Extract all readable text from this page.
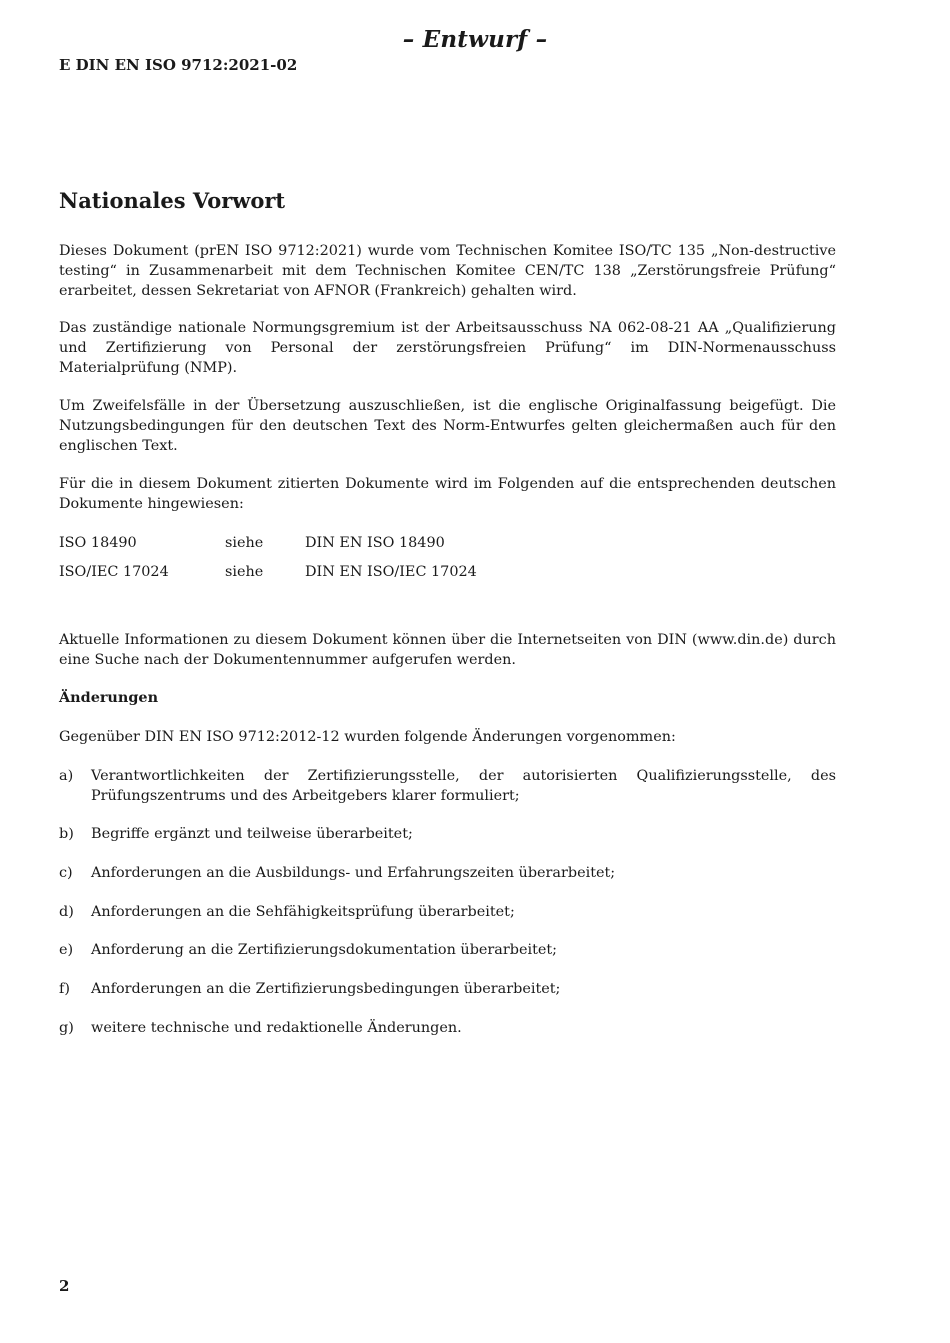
– Entwurf –
E DIN EN ISO 9712:2021-02
Nationales Vorwort
Dieses Dokument (prEN ISO 9712:2021) wurde vom Technischen Komitee ISO/TC 135 „Non-destructive testing“ in Zusammenarbeit mit dem Technischen Komitee CEN/TC 138 „Zerstörungsfreie Prüfung“ erarbeitet, dessen Sekretariat von AFNOR (Frankreich) gehalten wird.
Das zuständige nationale Normungsgremium ist der Arbeitsausschuss NA 062-08-21 AA „Qualifizierung und Zertifizierung von Personal der zerstörungsfreien Prüfung“ im DIN-Normenausschuss Materialprüfung (NMP).
Um Zweifelsfälle in der Übersetzung auszuschließen, ist die englische Originalfassung beigefügt. Die Nutzungsbedingungen für den deutschen Text des Norm-Entwurfes gelten gleichermaßen auch für den englischen Text.
Für die in diesem Dokument zitierten Dokumente wird im Folgenden auf die entsprechenden deutschen Dokumente hingewiesen:
ISO 18490	siehe	DIN EN ISO 18490
ISO/IEC 17024	siehe	DIN EN ISO/IEC 17024
Aktuelle Informationen zu diesem Dokument können über die Internetseiten von DIN (www.din.de) durch eine Suche nach der Dokumentennummer aufgerufen werden.
Änderungen
Gegenüber DIN EN ISO 9712:2012-12 wurden folgende Änderungen vorgenommen:
a) Verantwortlichkeiten der Zertifizierungsstelle, der autorisierten Qualifizierungsstelle, des Prüfungszentrums und des Arbeitgebers klarer formuliert;
b) Begriffe ergänzt und teilweise überarbeitet;
c) Anforderungen an die Ausbildungs- und Erfahrungszeiten überarbeitet;
d) Anforderungen an die Sehfähigkeitsprüfung überarbeitet;
e) Anforderung an die Zertifizierungsdokumentation überarbeitet;
f) Anforderungen an die Zertifizierungsbedingungen überarbeitet;
g) weitere technische und redaktionelle Änderungen.
2
